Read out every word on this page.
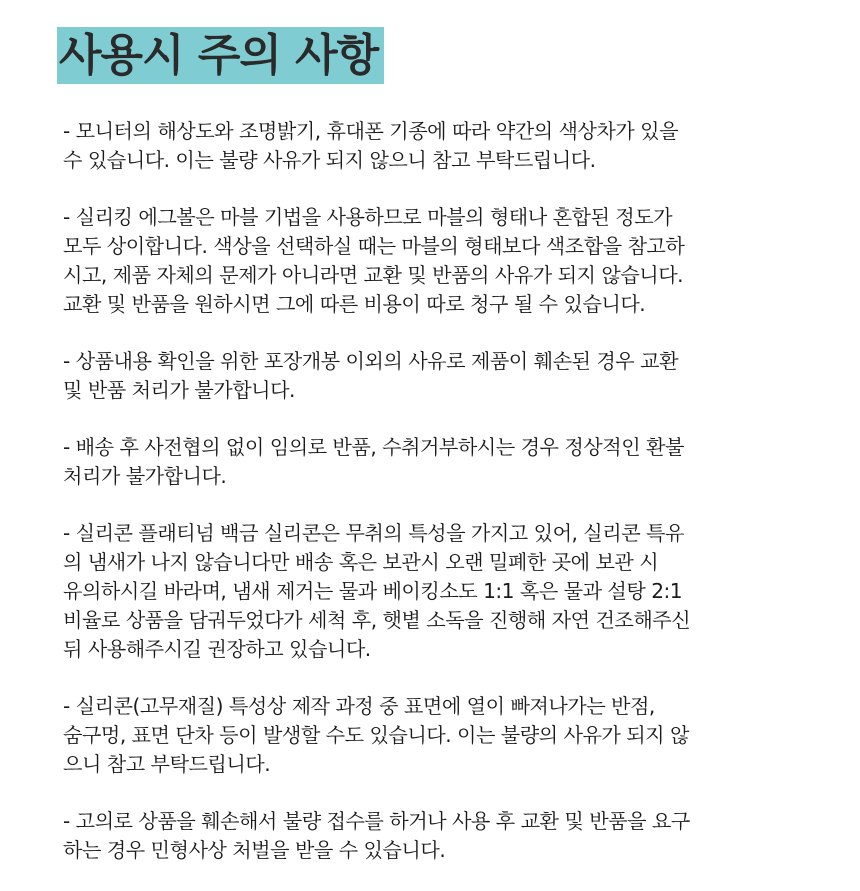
사용시 주의 사항
- 모니터의 해상도와 조명밝기, 휴대폰 기종에 따라 약간의 색상차가 있을
수 있습니다. 이는 불량 사유가 되지 않으니 참고 부탁드립니다.
- 실리킹 에그볼은 마블 기법을 사용하므로 마블의 형태나 혼합된 정도가
모두 상이합니다. 색상을 선택하실 때는 마블의 형태보다 색조합을 참고하
시고, 제품 자체의 문제가 아니라면 교환 및 반품의 사유가 되지 않습니다.
교환 및 반품을 원하시면 그에 따른 비용이 따로 청구 될 수 있습니다.
- 상품내용 확인을 위한 포장개봉 이외의 사유로 제품이 훼손된 경우 교환
및 반품 처리가 불가합니다.
- 배송 후 사전협의 없이 임의로 반품, 수취거부하시는 경우 정상적인 환불
처리가 불가합니다.
- 실리콘 플래티넘 백금 실리콘은 무취의 특성을 가지고 있어, 실리콘 특유
의 냄새가 나지 않습니다만 배송 혹은 보관시 오랜 밀폐한 곳에 보관 시
유의하시길 바라며, 냄새 제거는 물과 베이킹소도 1:1 혹은 물과 설탕 2:1
비율로 상품을 담궈두었다가 세척 후, 햇볕 소독을 진행해 자연 건조해주신
뒤 사용해주시길 권장하고 있습니다.
- 실리콘(고무재질) 특성상 제작 과정 중 표면에 열이 빠져나가는 반점,
숨구멍, 표면 단차 등이 발생할 수도 있습니다. 이는 불량의 사유가 되지 않
으니 참고 부탁드립니다.
- 고의로 상품을 훼손해서 불량 접수를 하거나 사용 후 교환 및 반품을 요구
하는 경우 민형사상 처벌을 받을 수 있습니다.
